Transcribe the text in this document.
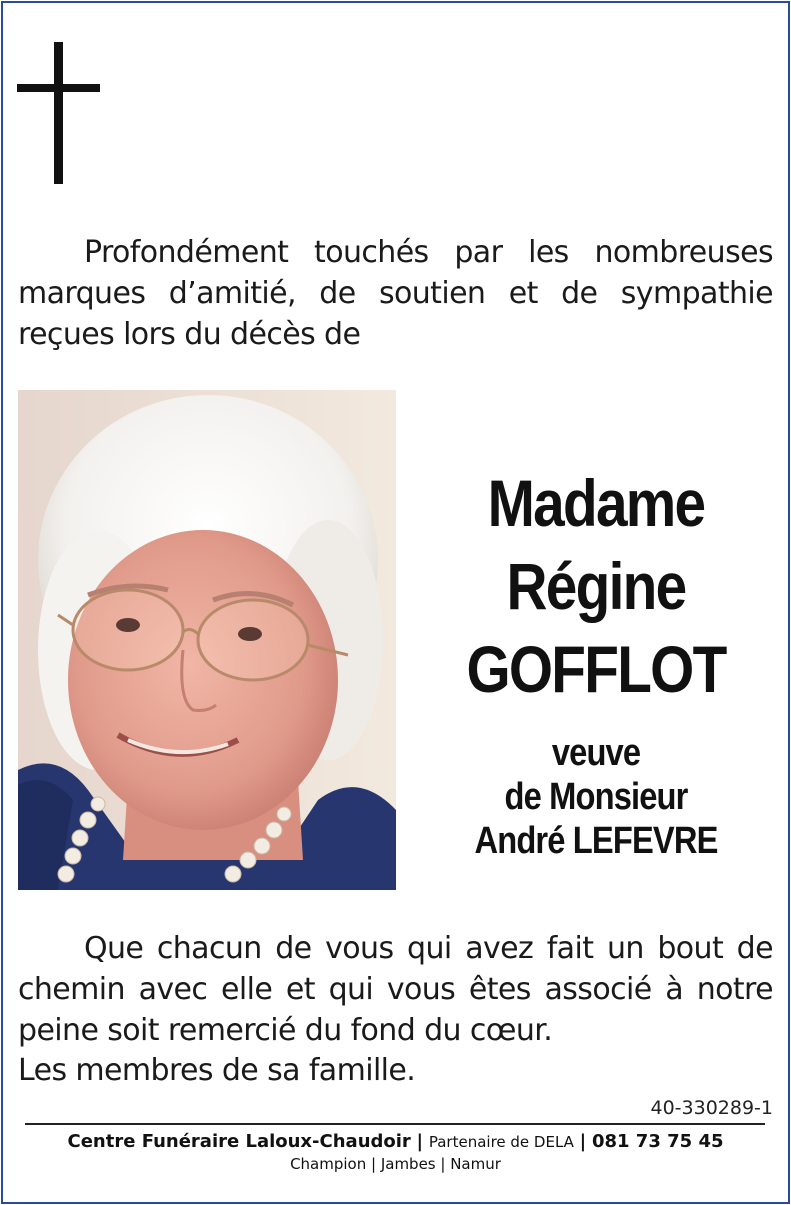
Profondément touchés par les nombreuses marques d’amitié, de soutien et de sympathie reçues lors du décès de

Madame
Régine
GOFFLOT
veuve
de Monsieur
André LEFEVRE

Que chacun de vous qui avez fait un bout de chemin avec elle et qui vous êtes associé à notre peine soit remercié du fond du cœur.

Les membres de sa famille.
40-330289-1
Centre Funéraire Laloux-Chaudoir | Partenaire de DELA | 081 73 75 45
Champion | Jambes | Namur
